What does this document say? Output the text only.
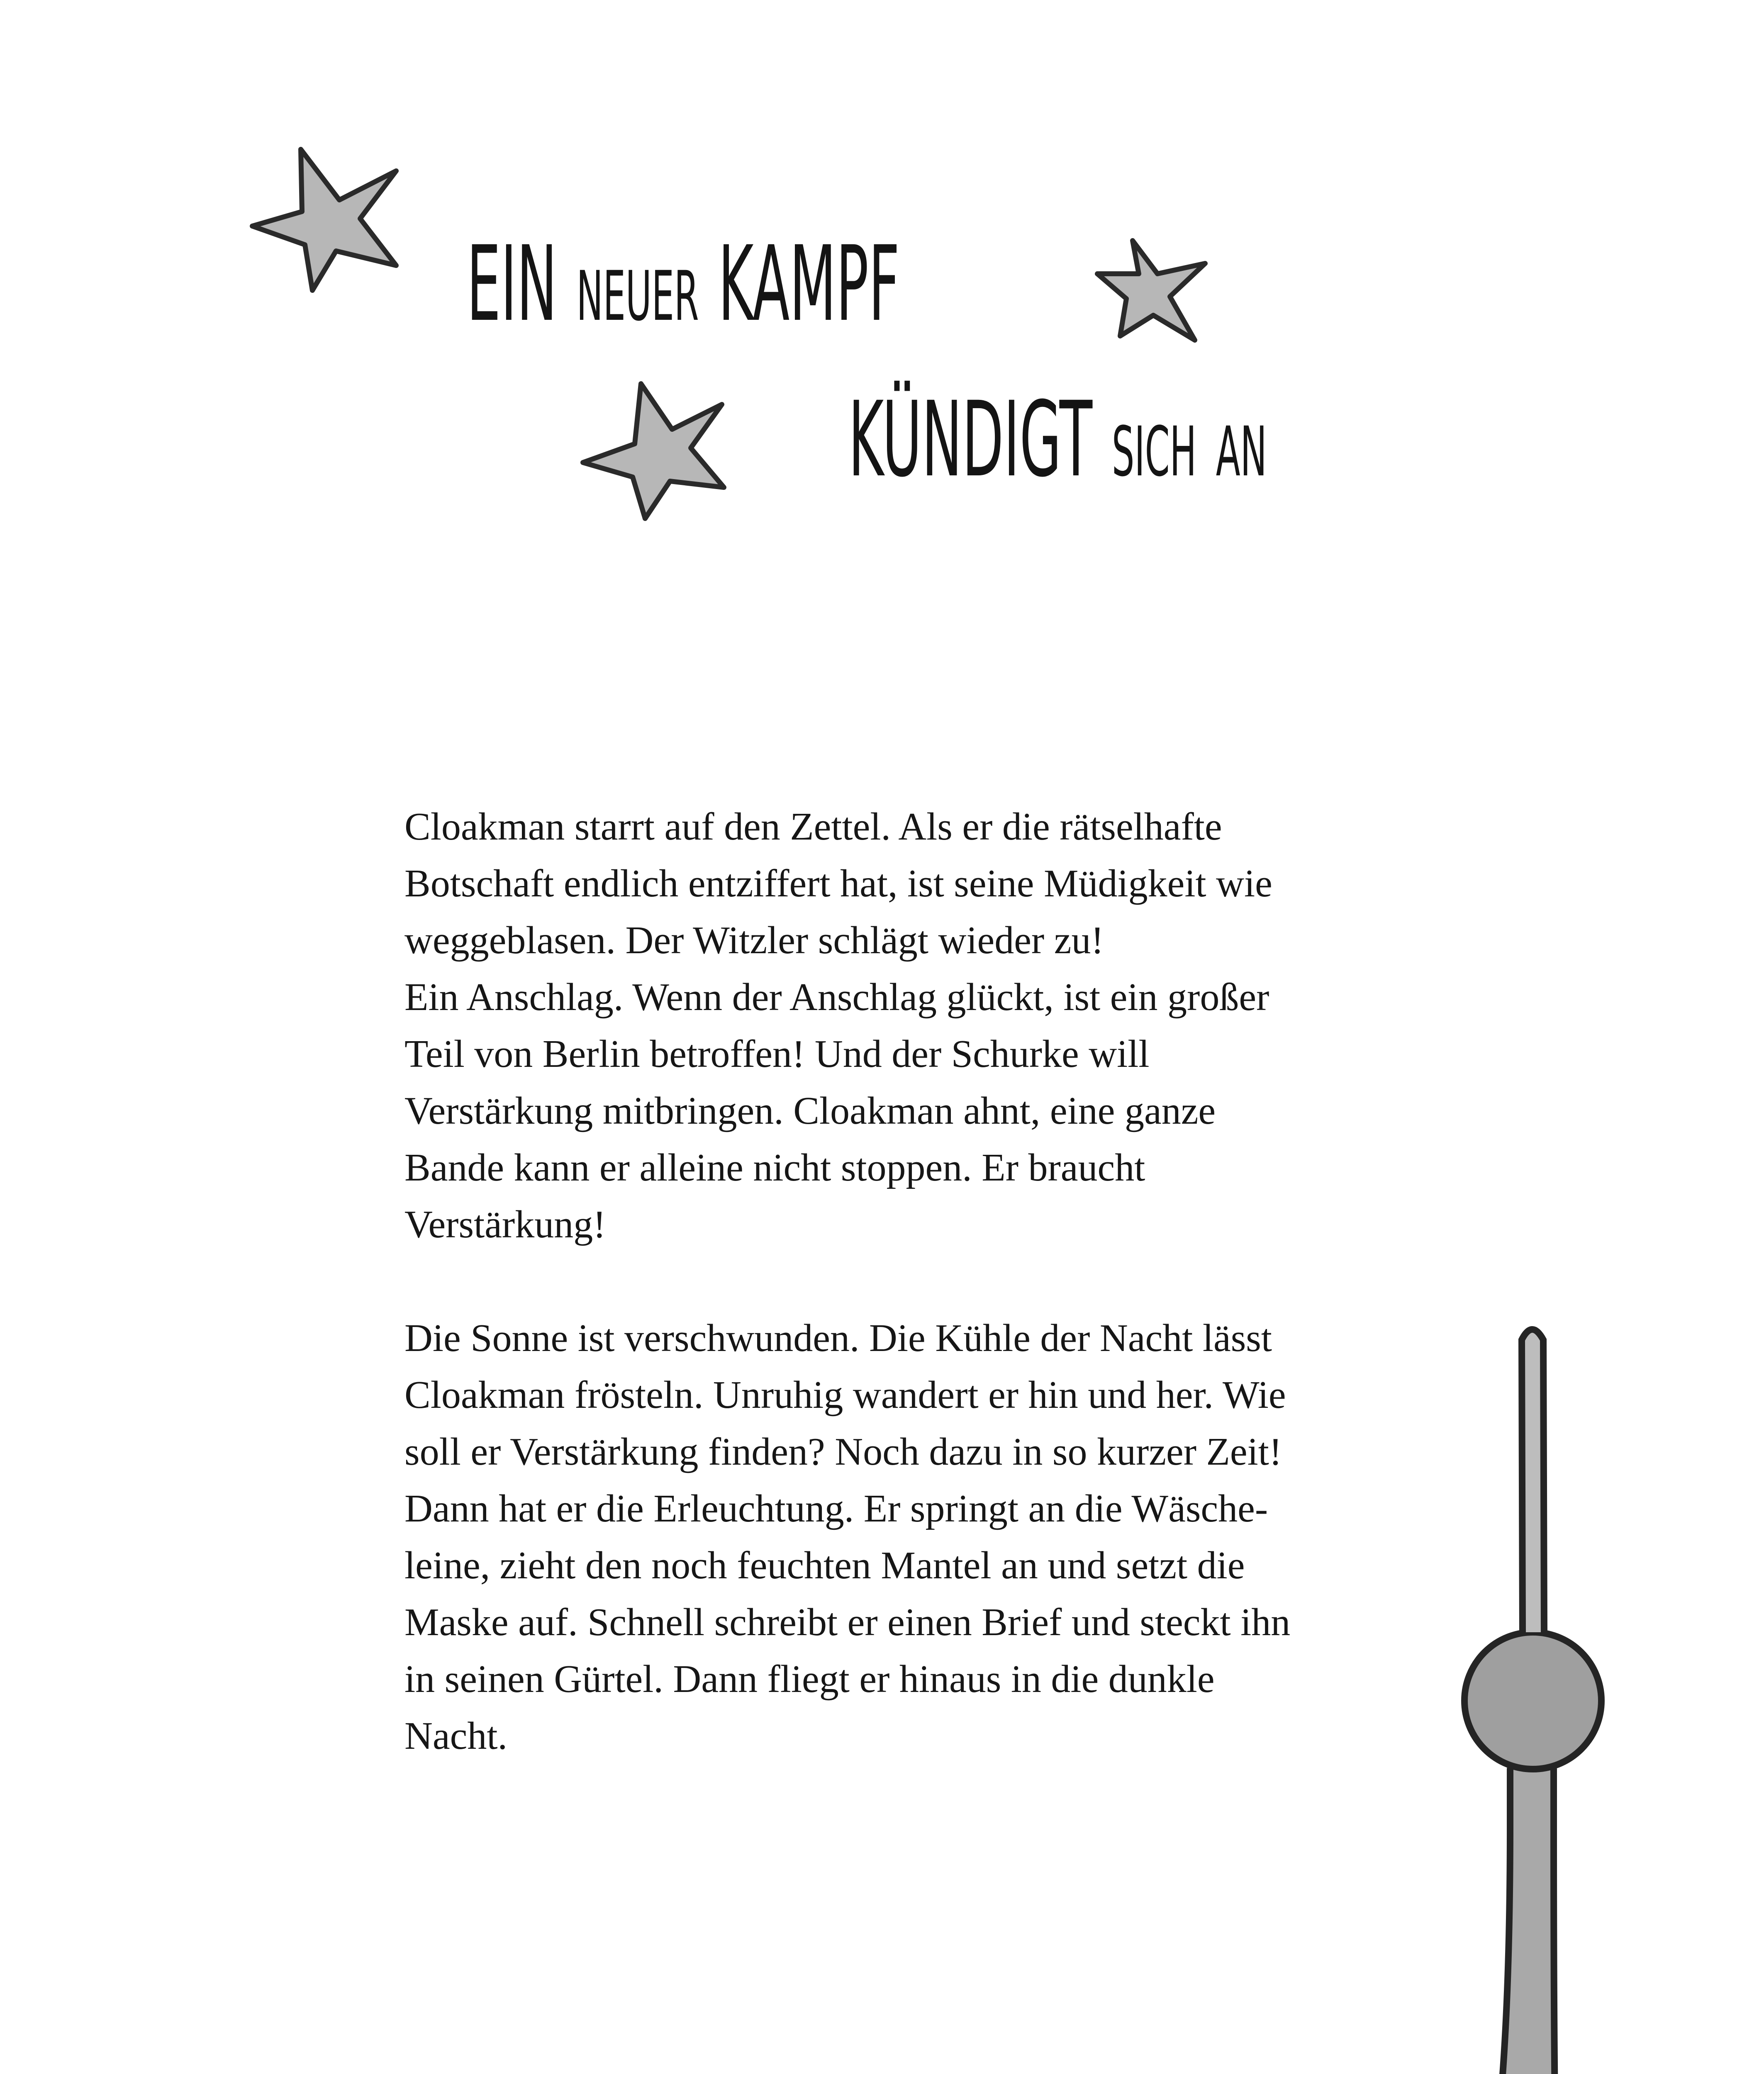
EIN NEUER KAMPF
KÜNDIGT SICH AN

Cloakman starrt auf den Zettel. Als er die rätselhafte
Botschaft endlich entziffert hat, ist seine Müdigkeit wie
weggeblasen. Der Witzler schlägt wieder zu!
Ein Anschlag. Wenn der Anschlag glückt, ist ein großer
Teil von Berlin betroffen! Und der Schurke will
Verstärkung mitbringen. Cloakman ahnt, eine ganze
Bande kann er alleine nicht stoppen. Er braucht
Verstärkung!

Die Sonne ist verschwunden. Die Kühle der Nacht lässt
Cloakman frösteln. Unruhig wandert er hin und her. Wie
soll er Verstärkung finden? Noch dazu in so kurzer Zeit!
Dann hat er die Erleuchtung. Er springt an die Wäsche-
leine, zieht den noch feuchten Mantel an und setzt die
Maske auf. Schnell schreibt er einen Brief und steckt ihn
in seinen Gürtel. Dann fliegt er hinaus in die dunkle
Nacht.
